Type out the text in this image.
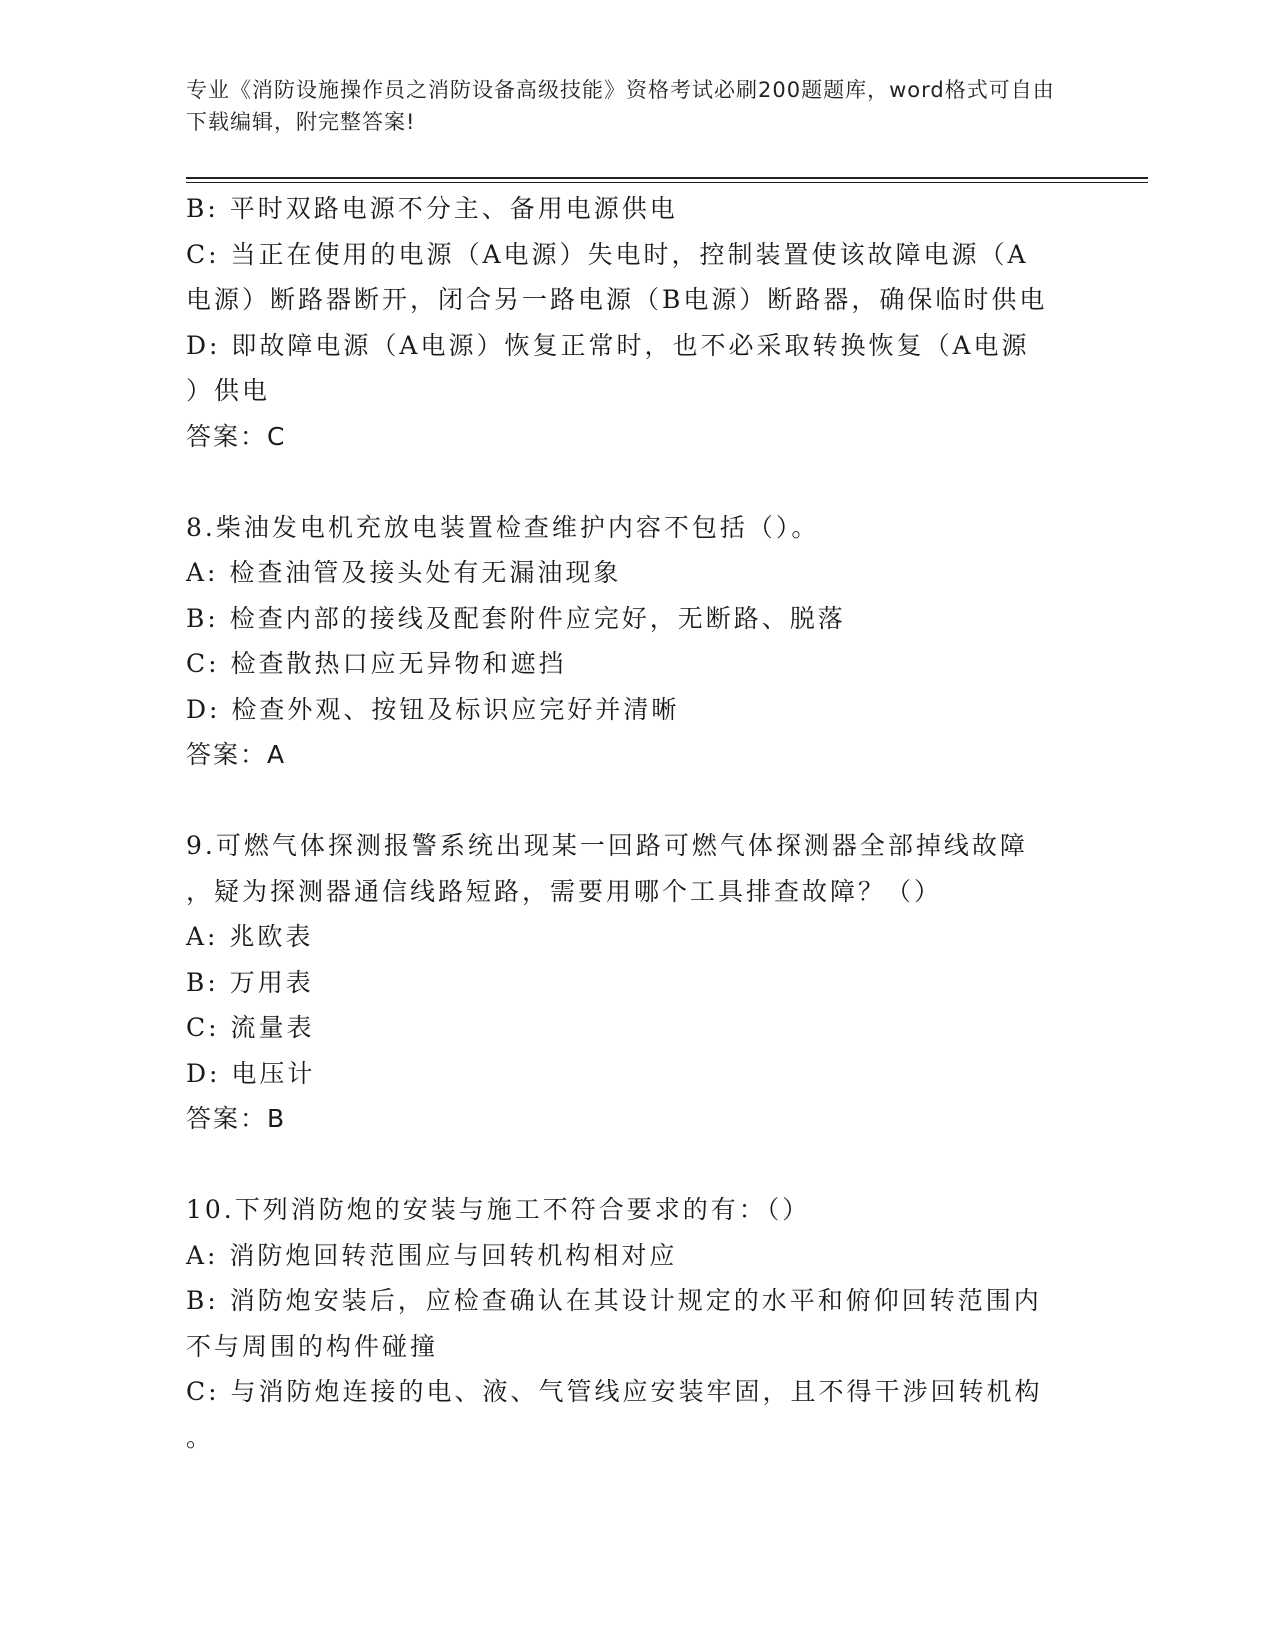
专业《消防设施操作员之消防设备高级技能》资格考试必刷200题题库，word格式可自由下载编辑，附完整答案!
B: 平时双路电源不分主、备用电源供电
C: 当正在使用的电源（A电源）失电时，控制装置使该故障电源（A
电源）断路器断开，闭合另一路电源（B电源）断路器，确保临时供电
D: 即故障电源（A电源）恢复正常时，也不必采取转换恢复（A电源
）供电
答案：C
8.柴油发电机充放电装置检查维护内容不包括（）。
A: 检查油管及接头处有无漏油现象
B: 检查内部的接线及配套附件应完好，无断路、脱落
C: 检查散热口应无异物和遮挡
D: 检查外观、按钮及标识应完好并清晰
答案：A
9.可燃气体探测报警系统出现某一回路可燃气体探测器全部掉线故障
，疑为探测器通信线路短路，需要用哪个工具排查故障？（）
A: 兆欧表
B: 万用表
C: 流量表
D: 电压计
答案：B
10.下列消防炮的安装与施工不符合要求的有：（）
A: 消防炮回转范围应与回转机构相对应
B: 消防炮安装后，应检查确认在其设计规定的水平和俯仰回转范围内
不与周围的构件碰撞
C: 与消防炮连接的电、液、气管线应安装牢固，且不得干涉回转机构
。
